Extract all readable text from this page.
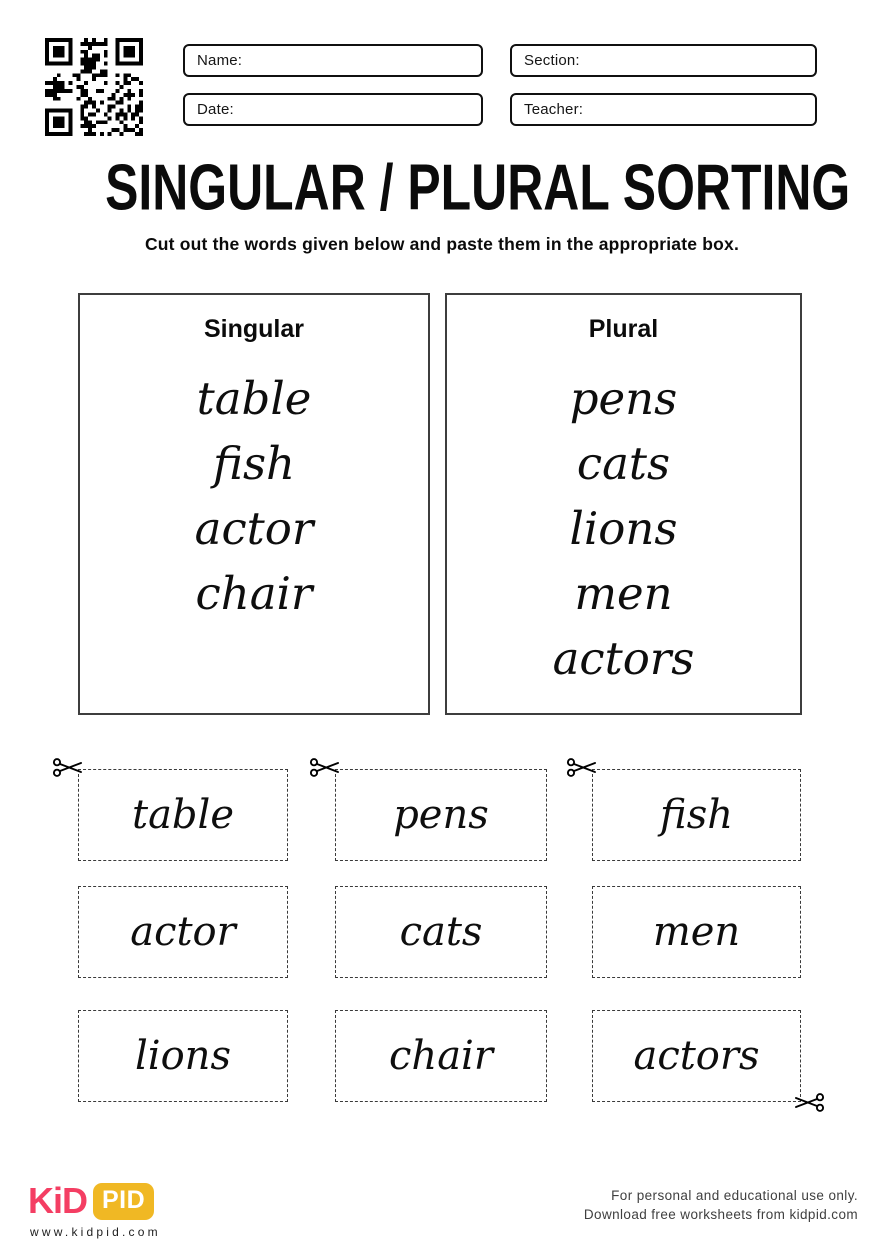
Name:	Section:
Date:	Teacher:
SINGULAR / PLURAL SORTING
Cut out the words given below and paste them in the appropriate box.
Singular
table
fish
actor
chair
Plural
pens
cats
lions
men
actors
table	pens	fish
actor	cats	men
lions	chair	actors
KiD PID
www.kidpid.com
For personal and educational use only.
Download free worksheets from kidpid.com
